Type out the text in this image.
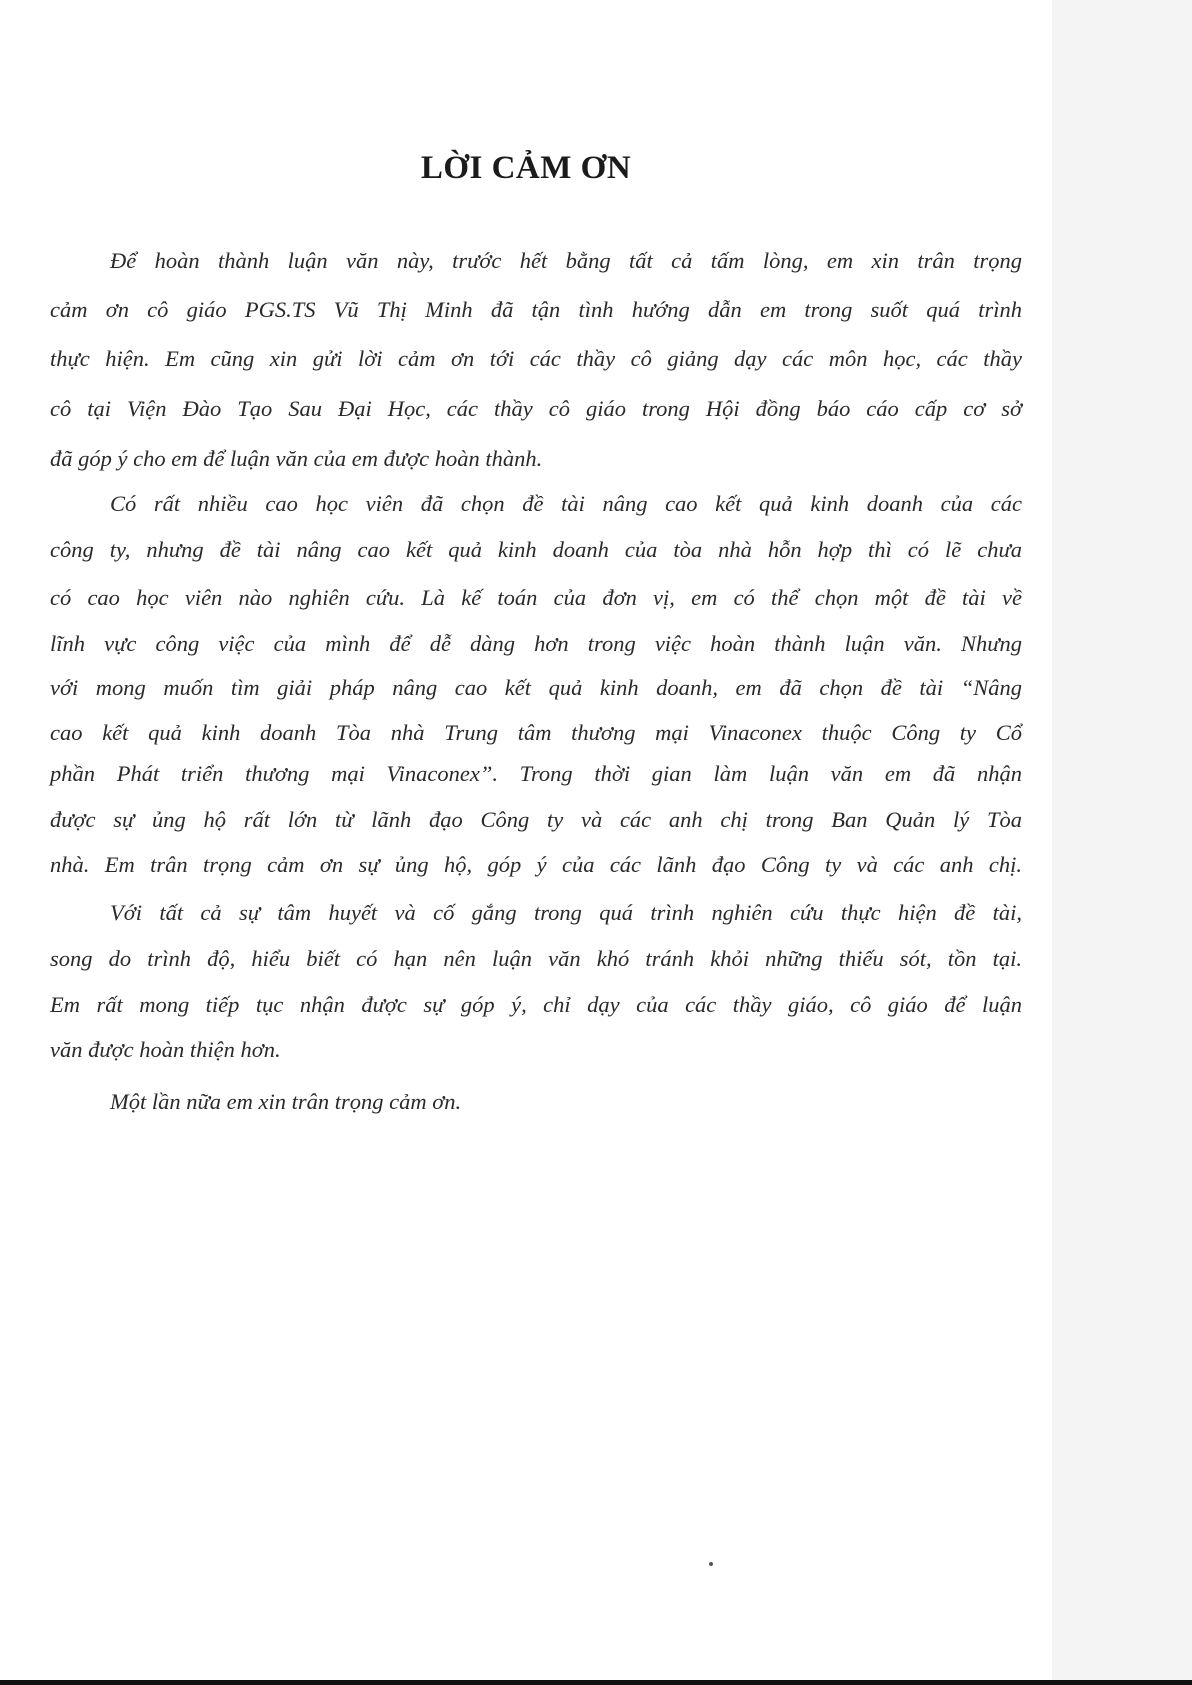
LỜI CẢM ƠN

Để hoàn thành luận văn này, trước hết bằng tất cả tấm lòng, em xin trân trọng

cảm ơn cô giáo PGS.TS Vũ Thị Minh đã tận tình hướng dẫn em trong suốt quá trình

thực hiện. Em cũng xin gửi lời cảm ơn tới các thầy cô giảng dạy các môn học, các thầy

cô tại Viện Đào Tạo Sau Đại Học, các thầy cô giáo trong Hội đồng báo cáo cấp cơ sở

đã góp ý cho em để luận văn của em được hoàn thành.

Có rất nhiều cao học viên đã chọn đề tài nâng cao kết quả kinh doanh của các

công ty, nhưng đề tài nâng cao kết quả kinh doanh của tòa nhà hỗn hợp thì có lẽ chưa

có cao học viên nào nghiên cứu. Là kế toán của đơn vị, em có thể chọn một đề tài về

lĩnh vực công việc của mình để dễ dàng hơn trong việc hoàn thành luận văn. Nhưng

với mong muốn tìm giải pháp nâng cao kết quả kinh doanh, em đã chọn đề tài “Nâng

cao kết quả kinh doanh Tòa nhà Trung tâm thương mại Vinaconex thuộc Công ty Cổ

phần Phát triển thương mại Vinaconex”. Trong thời gian làm luận văn em đã nhận

được sự ủng hộ rất lớn từ lãnh đạo Công ty và các anh chị trong Ban Quản lý Tòa

nhà. Em trân trọng cảm ơn sự ủng hộ, góp ý của các lãnh đạo Công ty và các anh chị.

Với tất cả sự tâm huyết và cố gắng trong quá trình nghiên cứu thực hiện đề tài,

song do trình độ, hiểu biết có hạn nên luận văn khó tránh khỏi những thiếu sót, tồn tại.

Em rất mong tiếp tục nhận được sự góp ý, chỉ dạy của các thầy giáo, cô giáo để luận

văn được hoàn thiện hơn.

Một lần nữa em xin trân trọng cảm ơn.
